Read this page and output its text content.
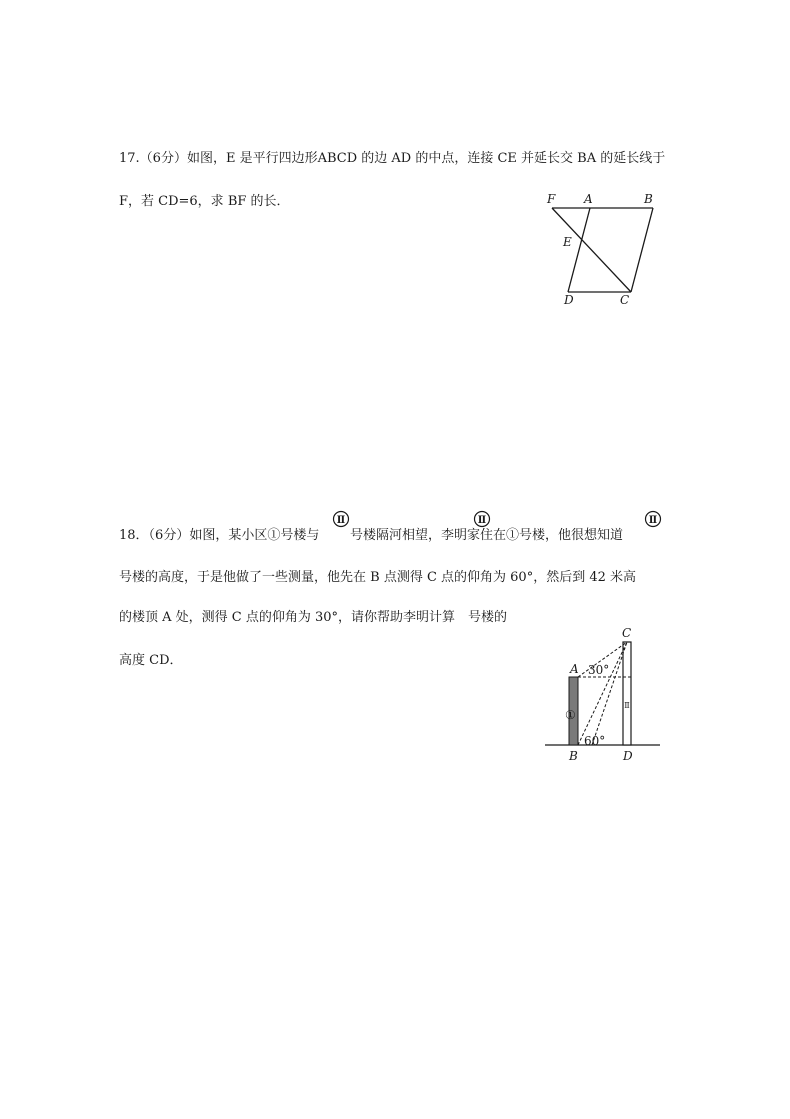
17.（6分）如图，E 是平行四边形ABCD 的边 AD 的中点，连接 CE 并延长交 BA 的延长线于
F，若 CD=6，求 BF 的长．	F A	B
E
D	C
18．（6分）如图，某小区①号楼与 号楼隔河相望，李明家住在①号楼，他很想知道
Ⅱ	Ⅱ	Ⅱ
号楼的高度，于是他做了一些测量，他先在 B 点测得 C 点的仰角为 60°，然后到 42 米高
的楼顶 A 处，测得 C 点的仰角为 30°，请你帮助李明计算　号楼的
高度 CD．
C
A 30°
60°
B	D
①
Ⅱ
